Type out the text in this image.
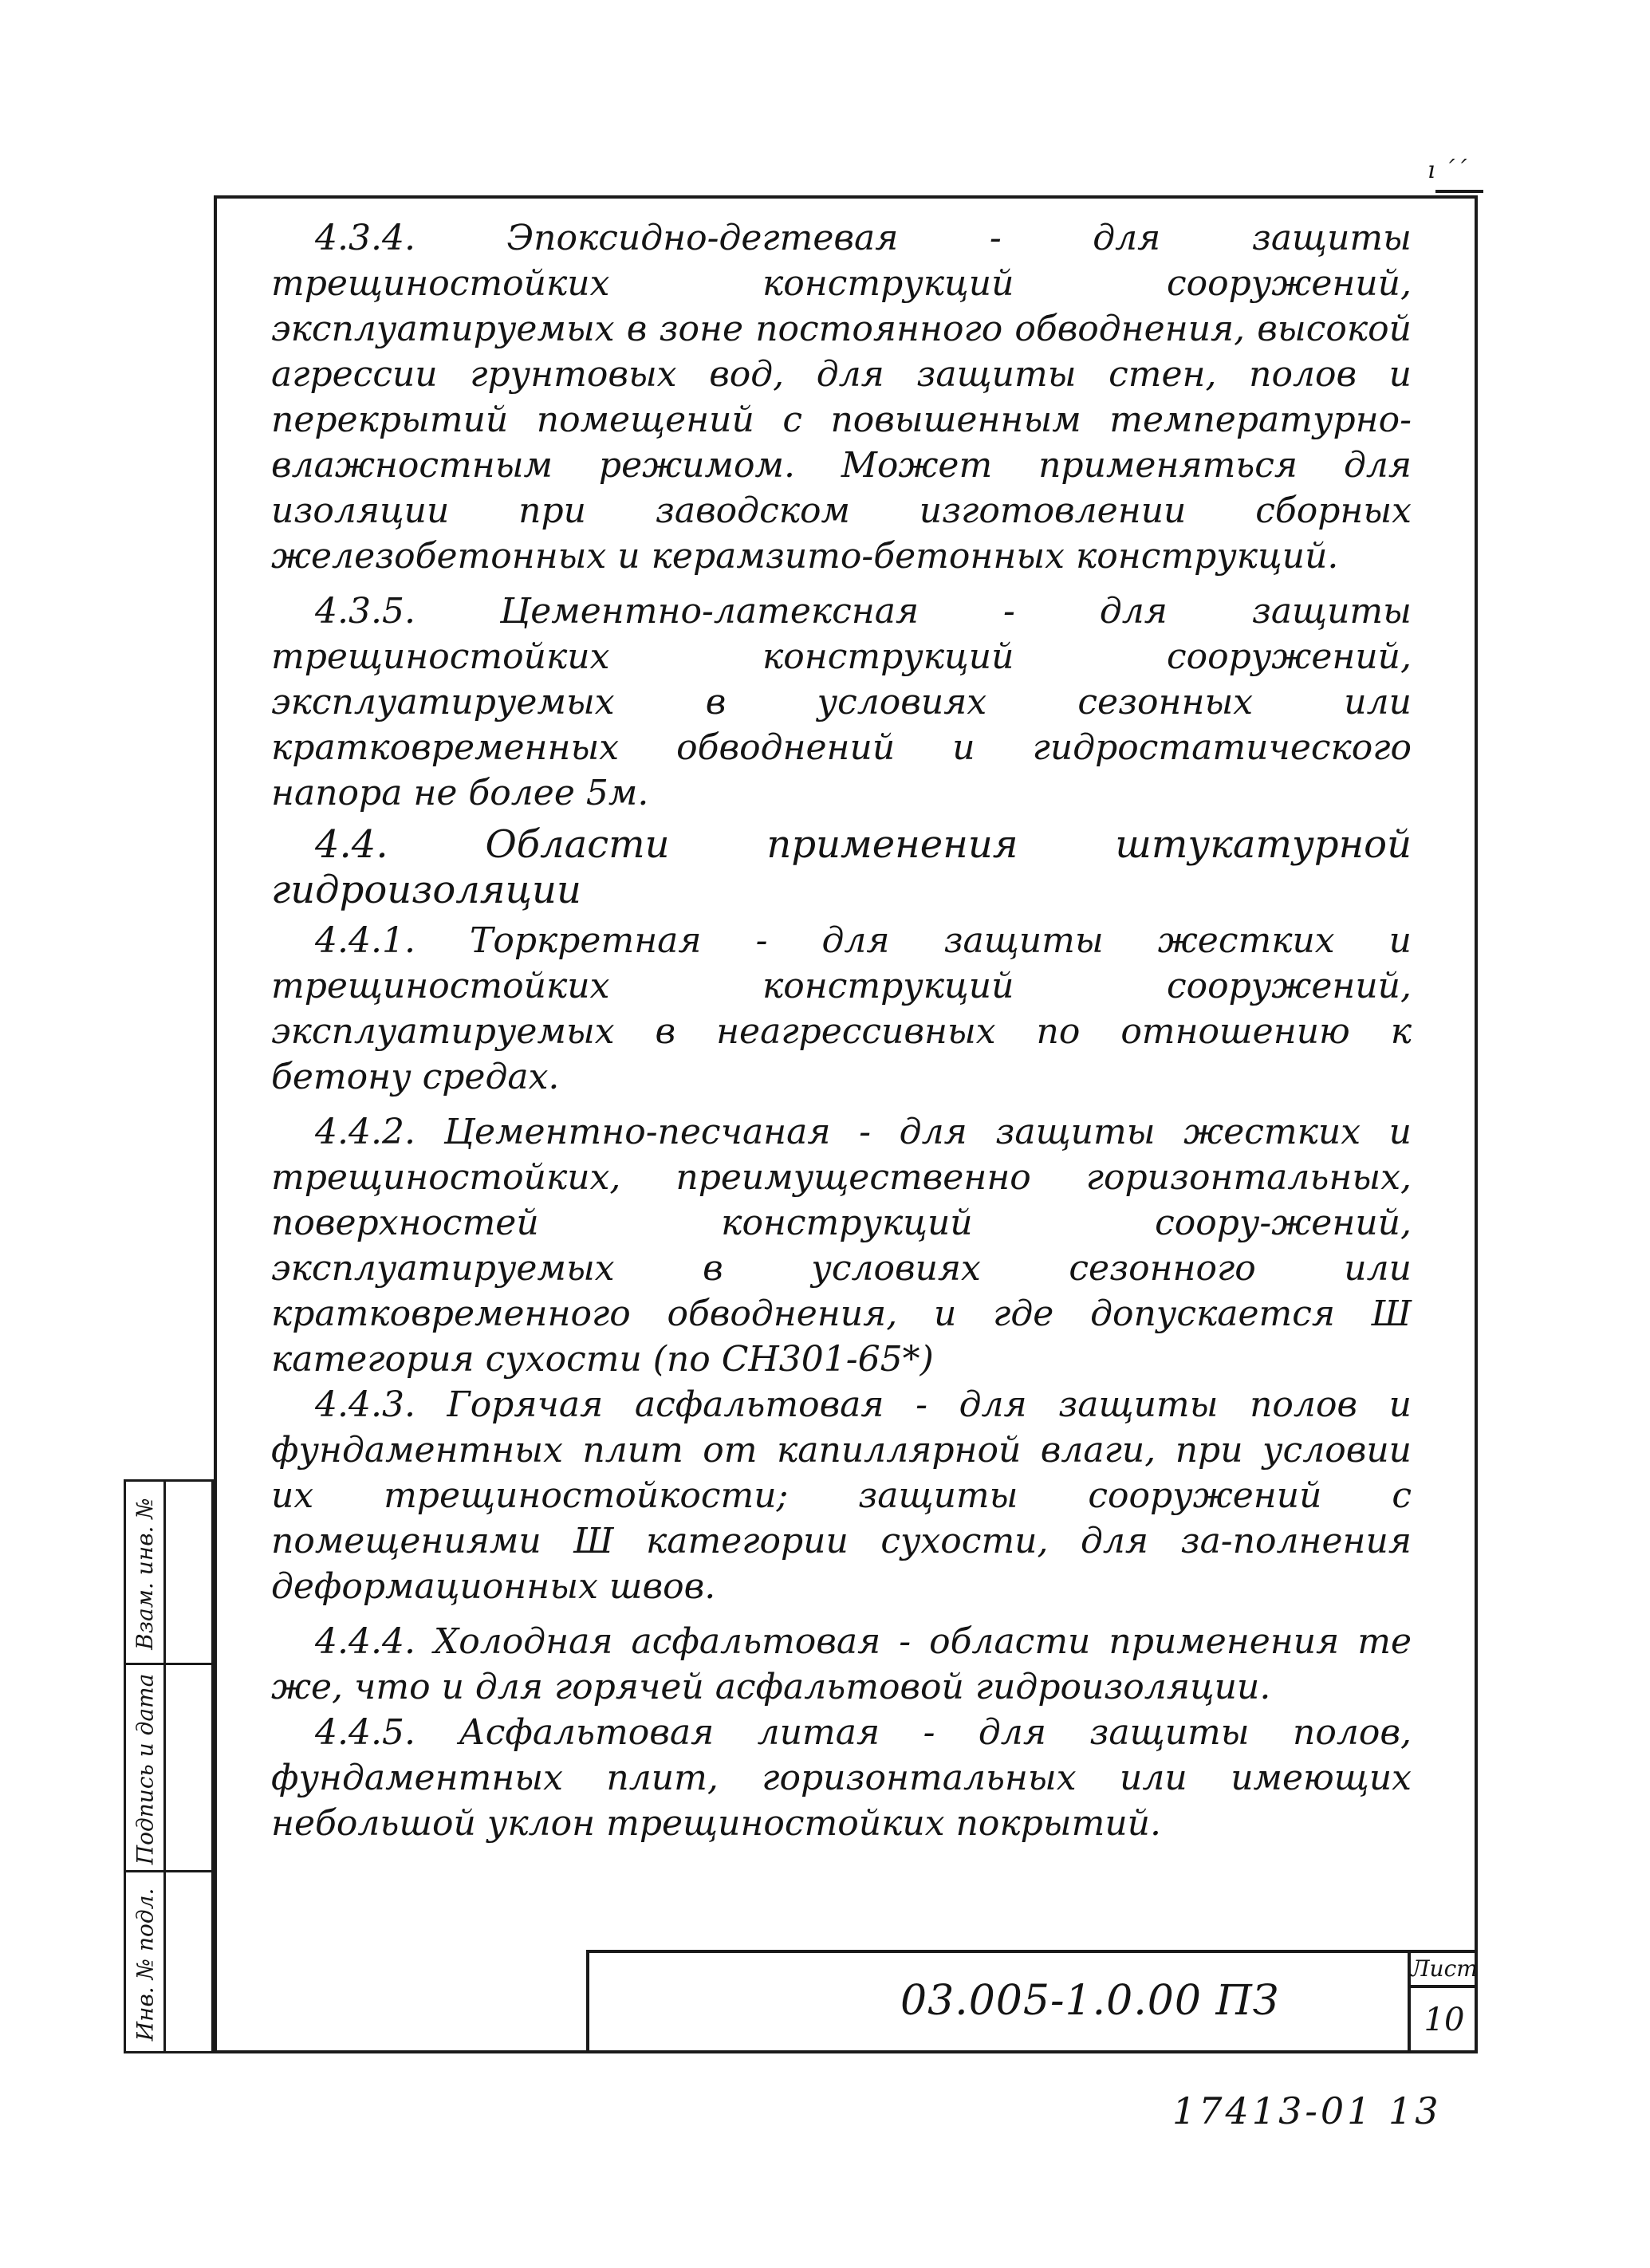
ı ´´

4.3.4. Эпоксидно-дегтевая - для защиты трещиностойких конструкций сооружений, эксплуатируемых в зоне постоянного обводнения, высокой агрессии грунтовых вод, для защиты стен, полов и перекрытий помещений с повышенным температурно-влажностным режимом. Может применяться для изоляции при заводском изготовлении сборных железобетонных и керамзито-бетонных конструкций.

4.3.5. Цементно-латексная - для защиты трещиностойких конструкций сооружений, эксплуатируемых в условиях сезонных или кратковременных обводнений и гидростатического напора не более 5м.

4.4. Области применения штукатурной гидроизоляции

4.4.1. Торкретная - для защиты жестких и трещиностойких конструкций сооружений, эксплуатируемых в неагрессивных по отношению к бетону средах.

4.4.2. Цементно-песчаная - для защиты жестких и трещиностойких, преимущественно горизонтальных, поверхностей конструкций соору-жений, эксплуатируемых в условиях сезонного или кратковременного обводнения, и где допускается Ш категория сухости (по СН301-65*)

4.4.3. Горячая асфальтовая - для защиты полов и фундаментных плит от капиллярной влаги, при условии их трещиностойкости; защиты сооружений с помещениями Ш категории сухости, для за-полнения деформационных швов.

4.4.4. Холодная асфальтовая - области применения те же, что и для горячей асфальтовой гидроизоляции.

4.4.5. Асфальтовая литая - для защиты полов, фундаментных плит, горизонтальных или имеющих небольшой уклон трещиностойких покрытий.

Взам. инв. №
Подпись и дата
Инв. № подл.	03.005-1.0.00 ПЗ
Лист
10
17413-01 13
